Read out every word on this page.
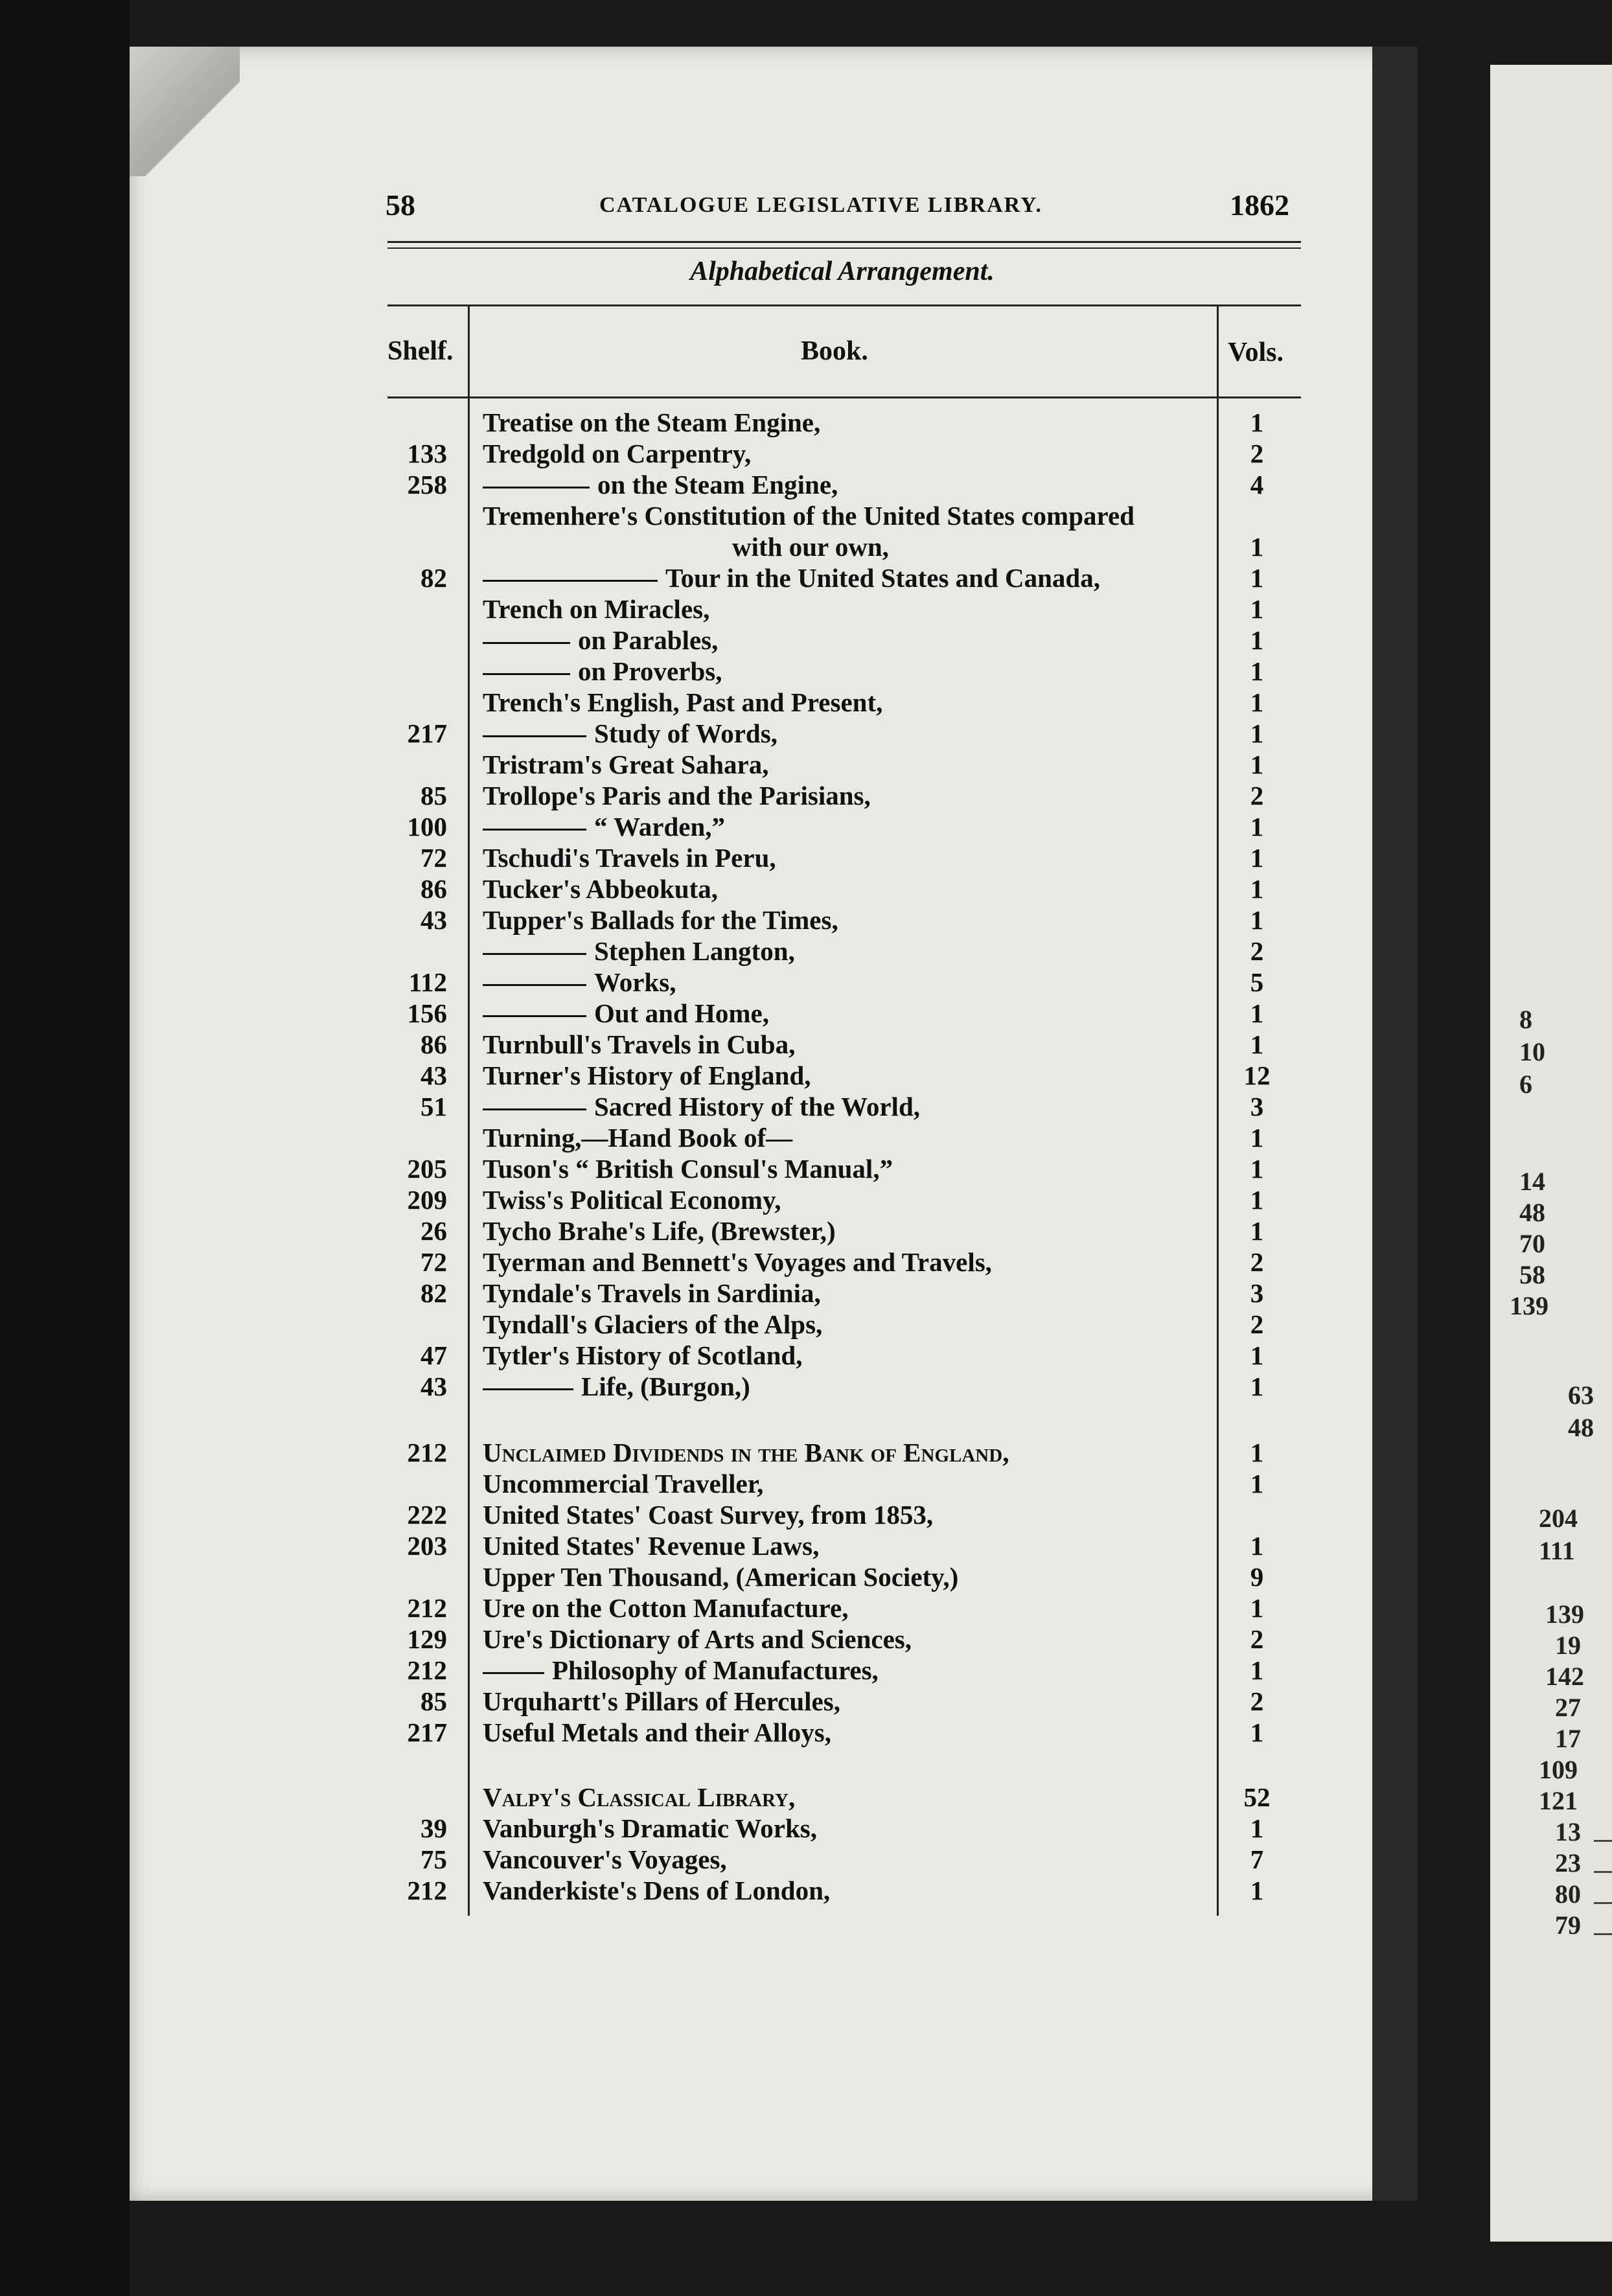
58	CATALOGUE LEGISLATIVE LIBRARY.	1862
Alphabetical Arrangement.
Shelf.	Book.	Vols.
Treatise on the Steam Engine,	1
133 Tredgold on Carpentry,	2
258	on the Steam Engine,	4
Tremenhere's Constitution of the United States compared
with our own,	1
82	Tour in the United States and Canada,	1
Trench on Miracles,	1
on Parables,	1
on Proverbs,	1
Trench's English, Past and Present,	1
217	Study of Words,	1
Tristram's Great Sahara,	1
85 Trollope's Paris and the Parisians,	2
100	“ Warden,”	1
72 Tschudi's Travels in Peru,	1
86 Tucker's Abbeokuta,	1
43 Tupper's Ballads for the Times,	1
Stephen Langton,	2
112	Works,	5
156	Out and Home,	1
86 Turnbull's Travels in Cuba,	1
43 Turner's History of England,	12
51	Sacred History of the World,	3
Turning,—Hand Book of—	1
205 Tuson's “ British Consul's Manual,”	1
209 Twiss's Political Economy,	1
26 Tycho Brahe's Life, (Brewster,)	1
72 Tyerman and Bennett's Voyages and Travels,	2
82 Tyndale's Travels in Sardinia,	3
Tyndall's Glaciers of the Alps,	2
47 Tytler's History of Scotland,	1
43	Life, (Burgon,)	1
212 Unclaimed Dividends in the Bank of England,	1
Uncommercial Traveller,	1
222 United States' Coast Survey, from 1853,
203 United States' Revenue Laws,	1
Upper Ten Thousand, (American Society,)	9
212 Ure on the Cotton Manufacture,	1
129 Ure's Dictionary of Arts and Sciences,	2
212	Philosophy of Manufactures,	1
85 Urquhartt's Pillars of Hercules,	2
217 Useful Metals and their Alloys,	1
Valpy's Classical Library,	52
39 Vanburgh's Dramatic Works,	1
75 Vancouver's Voyages,	7
212 Vanderkiste's Dens of London,	1
8
10
6
14
48
70
58
139
63
48
204
111
139
19
142
27
17
109
121
13
23
80
79
